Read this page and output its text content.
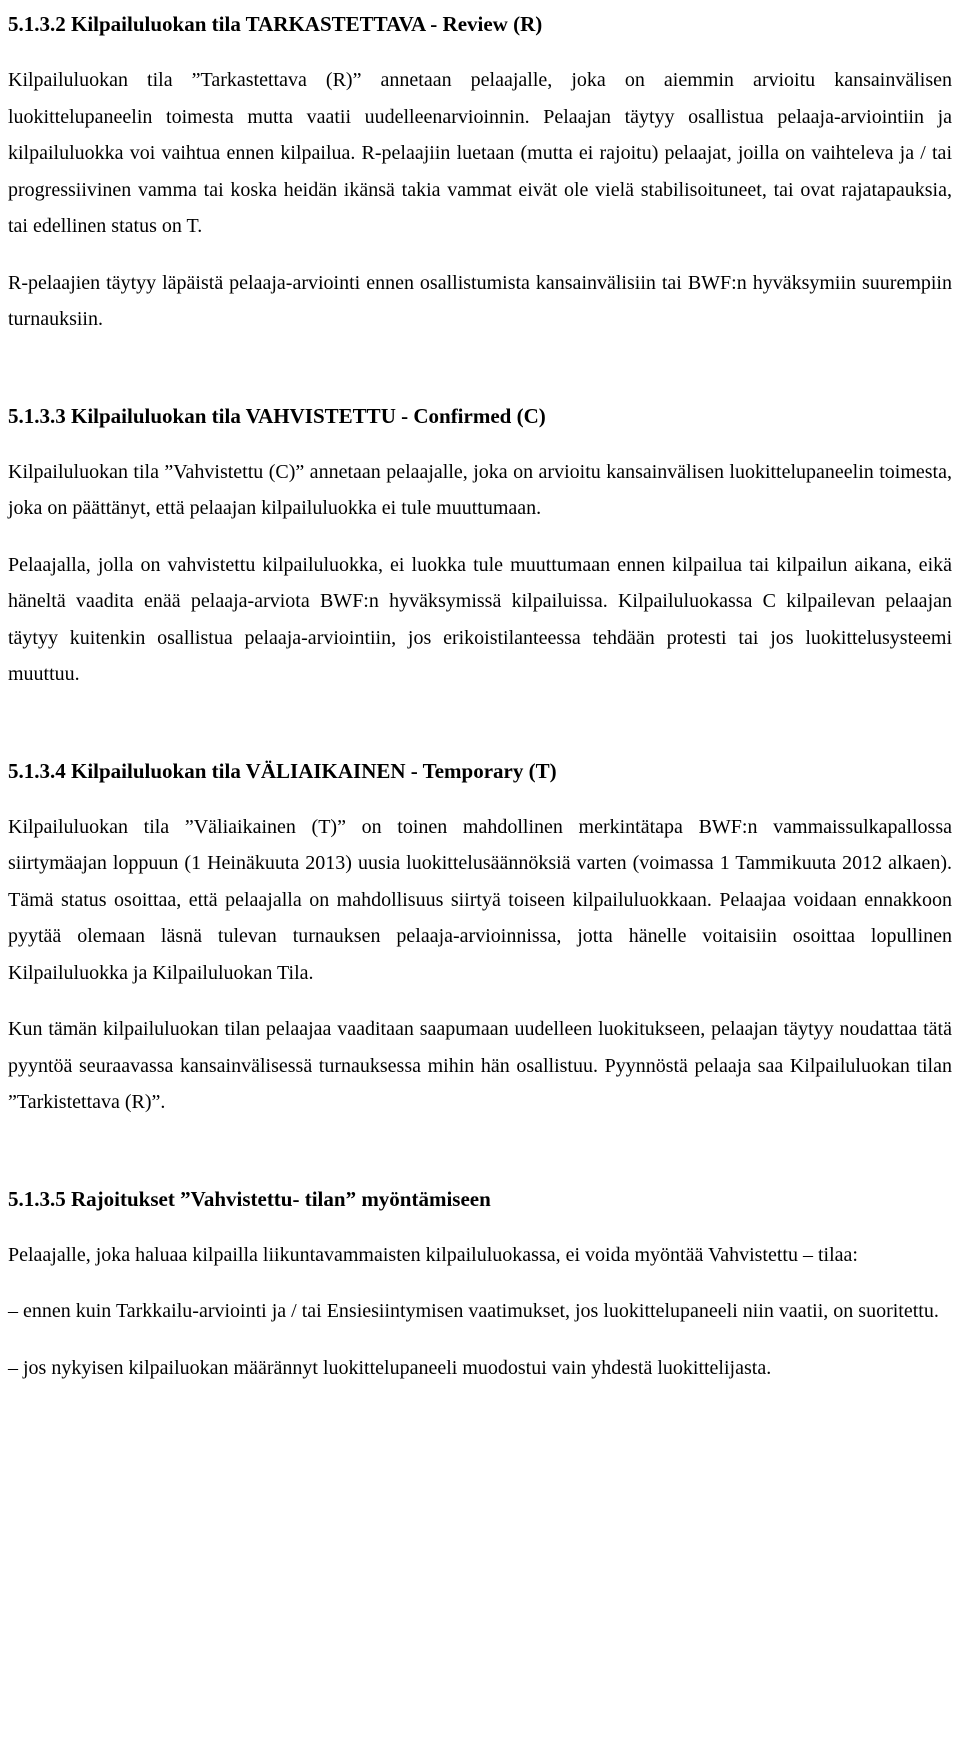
5.1.3.2 Kilpailuluokan tila TARKASTETTAVA - Review (R)

Kilpailuluokan tila ”Tarkastettava (R)” annetaan pelaajalle, joka on aiemmin arvioitu kansainvälisen luokittelupaneelin toimesta mutta vaatii uudelleenarvioinnin. Pelaajan täytyy osallistua pelaaja-arviointiin ja kilpailuluokka voi vaihtua ennen kilpailua. R-pelaajiin luetaan (mutta ei rajoitu) pelaajat, joilla on vaihteleva ja / tai progressiivinen vamma tai koska heidän ikänsä takia vammat eivät ole vielä stabilisoituneet, tai ovat rajatapauksia, tai edellinen status on T.

R-pelaajien täytyy läpäistä pelaaja-arviointi ennen osallistumista kansainvälisiin tai BWF:n hyväksymiin suurempiin turnauksiin.

5.1.3.3 Kilpailuluokan tila VAHVISTETTU - Confirmed (C)

Kilpailuluokan tila ”Vahvistettu (C)” annetaan pelaajalle, joka on arvioitu kansainvälisen luokittelupaneelin toimesta, joka on päättänyt, että pelaajan kilpailuluokka ei tule muuttumaan.

Pelaajalla, jolla on vahvistettu kilpailuluokka, ei luokka tule muuttumaan ennen kilpailua tai kilpailun aikana, eikä häneltä vaadita enää pelaaja-arviota BWF:n hyväksymissä kilpailuissa. Kilpailuluokassa C kilpailevan pelaajan täytyy kuitenkin osallistua pelaaja-arviointiin, jos erikoistilanteessa tehdään protesti tai jos luokittelusysteemi muuttuu.

5.1.3.4 Kilpailuluokan tila VÄLIAIKAINEN - Temporary (T)

Kilpailuluokan tila ”Väliaikainen (T)” on toinen mahdollinen merkintätapa BWF:n vammaissulkapallossa siirtymäajan loppuun (1 Heinäkuuta 2013) uusia luokittelusäännöksiä varten (voimassa 1 Tammikuuta 2012 alkaen). Tämä status osoittaa, että pelaajalla on mahdollisuus siirtyä toiseen kilpailuluokkaan. Pelaajaa voidaan ennakkoon pyytää olemaan läsnä tulevan turnauksen pelaaja-arvioinnissa, jotta hänelle voitaisiin osoittaa lopullinen Kilpailuluokka ja Kilpailuluokan Tila.

Kun tämän kilpailuluokan tilan pelaajaa vaaditaan saapumaan uudelleen luokitukseen, pelaajan täytyy noudattaa tätä pyyntöä seuraavassa kansainvälisessä turnauksessa mihin hän osallistuu. Pyynnöstä pelaaja saa Kilpailuluokan tilan ”Tarkistettava (R)”.

5.1.3.5 Rajoitukset ”Vahvistettu- tilan” myöntämiseen

Pelaajalle, joka haluaa kilpailla liikuntavammaisten kilpailuluokassa, ei voida myöntää Vahvistettu – tilaa:

– ennen kuin Tarkkailu-arviointi ja / tai Ensiesiintymisen vaatimukset, jos luokittelupaneeli niin vaatii, on suoritettu.

– jos nykyisen kilpailuokan määrännyt luokittelupaneeli muodostui vain yhdestä luokittelijasta.
